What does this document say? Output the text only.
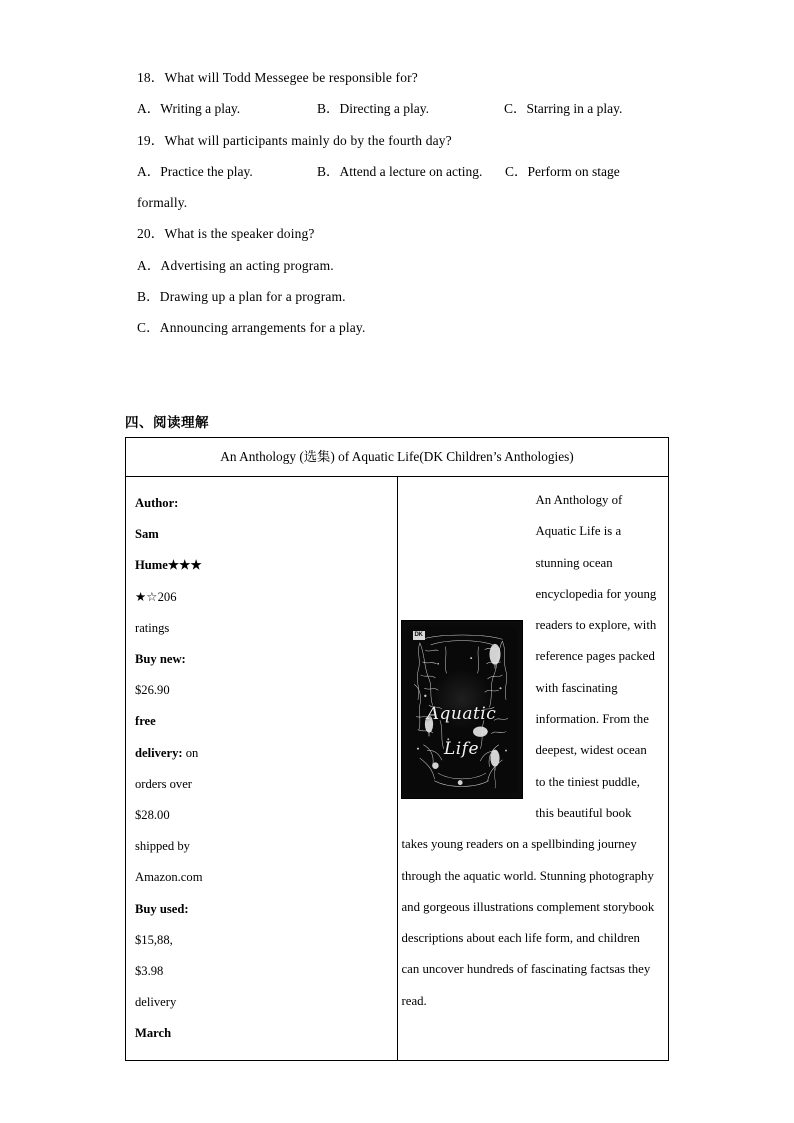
18．What will Todd Messegee be responsible for?
A．Writing a play.	B．Directing a play.	C．Starring in a play.
19．What will participants mainly do by the fourth day?
A．Practice the play.	B．Attend a lecture on acting. C．Perform on stage
formally.
20．What is the speaker doing?
A．Advertising an acting program.
B．Drawing up a plan for a program.
C．Announcing arrangements for a play.
四、阅读理解
An Anthology (选集) of Aquatic Life(DK Children’s Anthologies)

Author:
Sam
Hume★★★
★☆206
ratings
Buy new:
$26.90
free
delivery: on
orders over
$28.00
shipped by
Amazon.com
Buy used:
$15,88,
$3.98
delivery
March

DK
Aquatic
Life

An Anthology of Aquatic Life is a stunning ocean

encyclopedia for young readers to explore, with reference pages packed with fascinating information. From the deepest, widest ocean to the tiniest puddle, this beautiful book takes young readers on a spellbinding journey through the aquatic world. Stunning photography and gorgeous illustrations complement storybook descriptions about each life form, and children can uncover hundreds of fascinating factsas they read.
